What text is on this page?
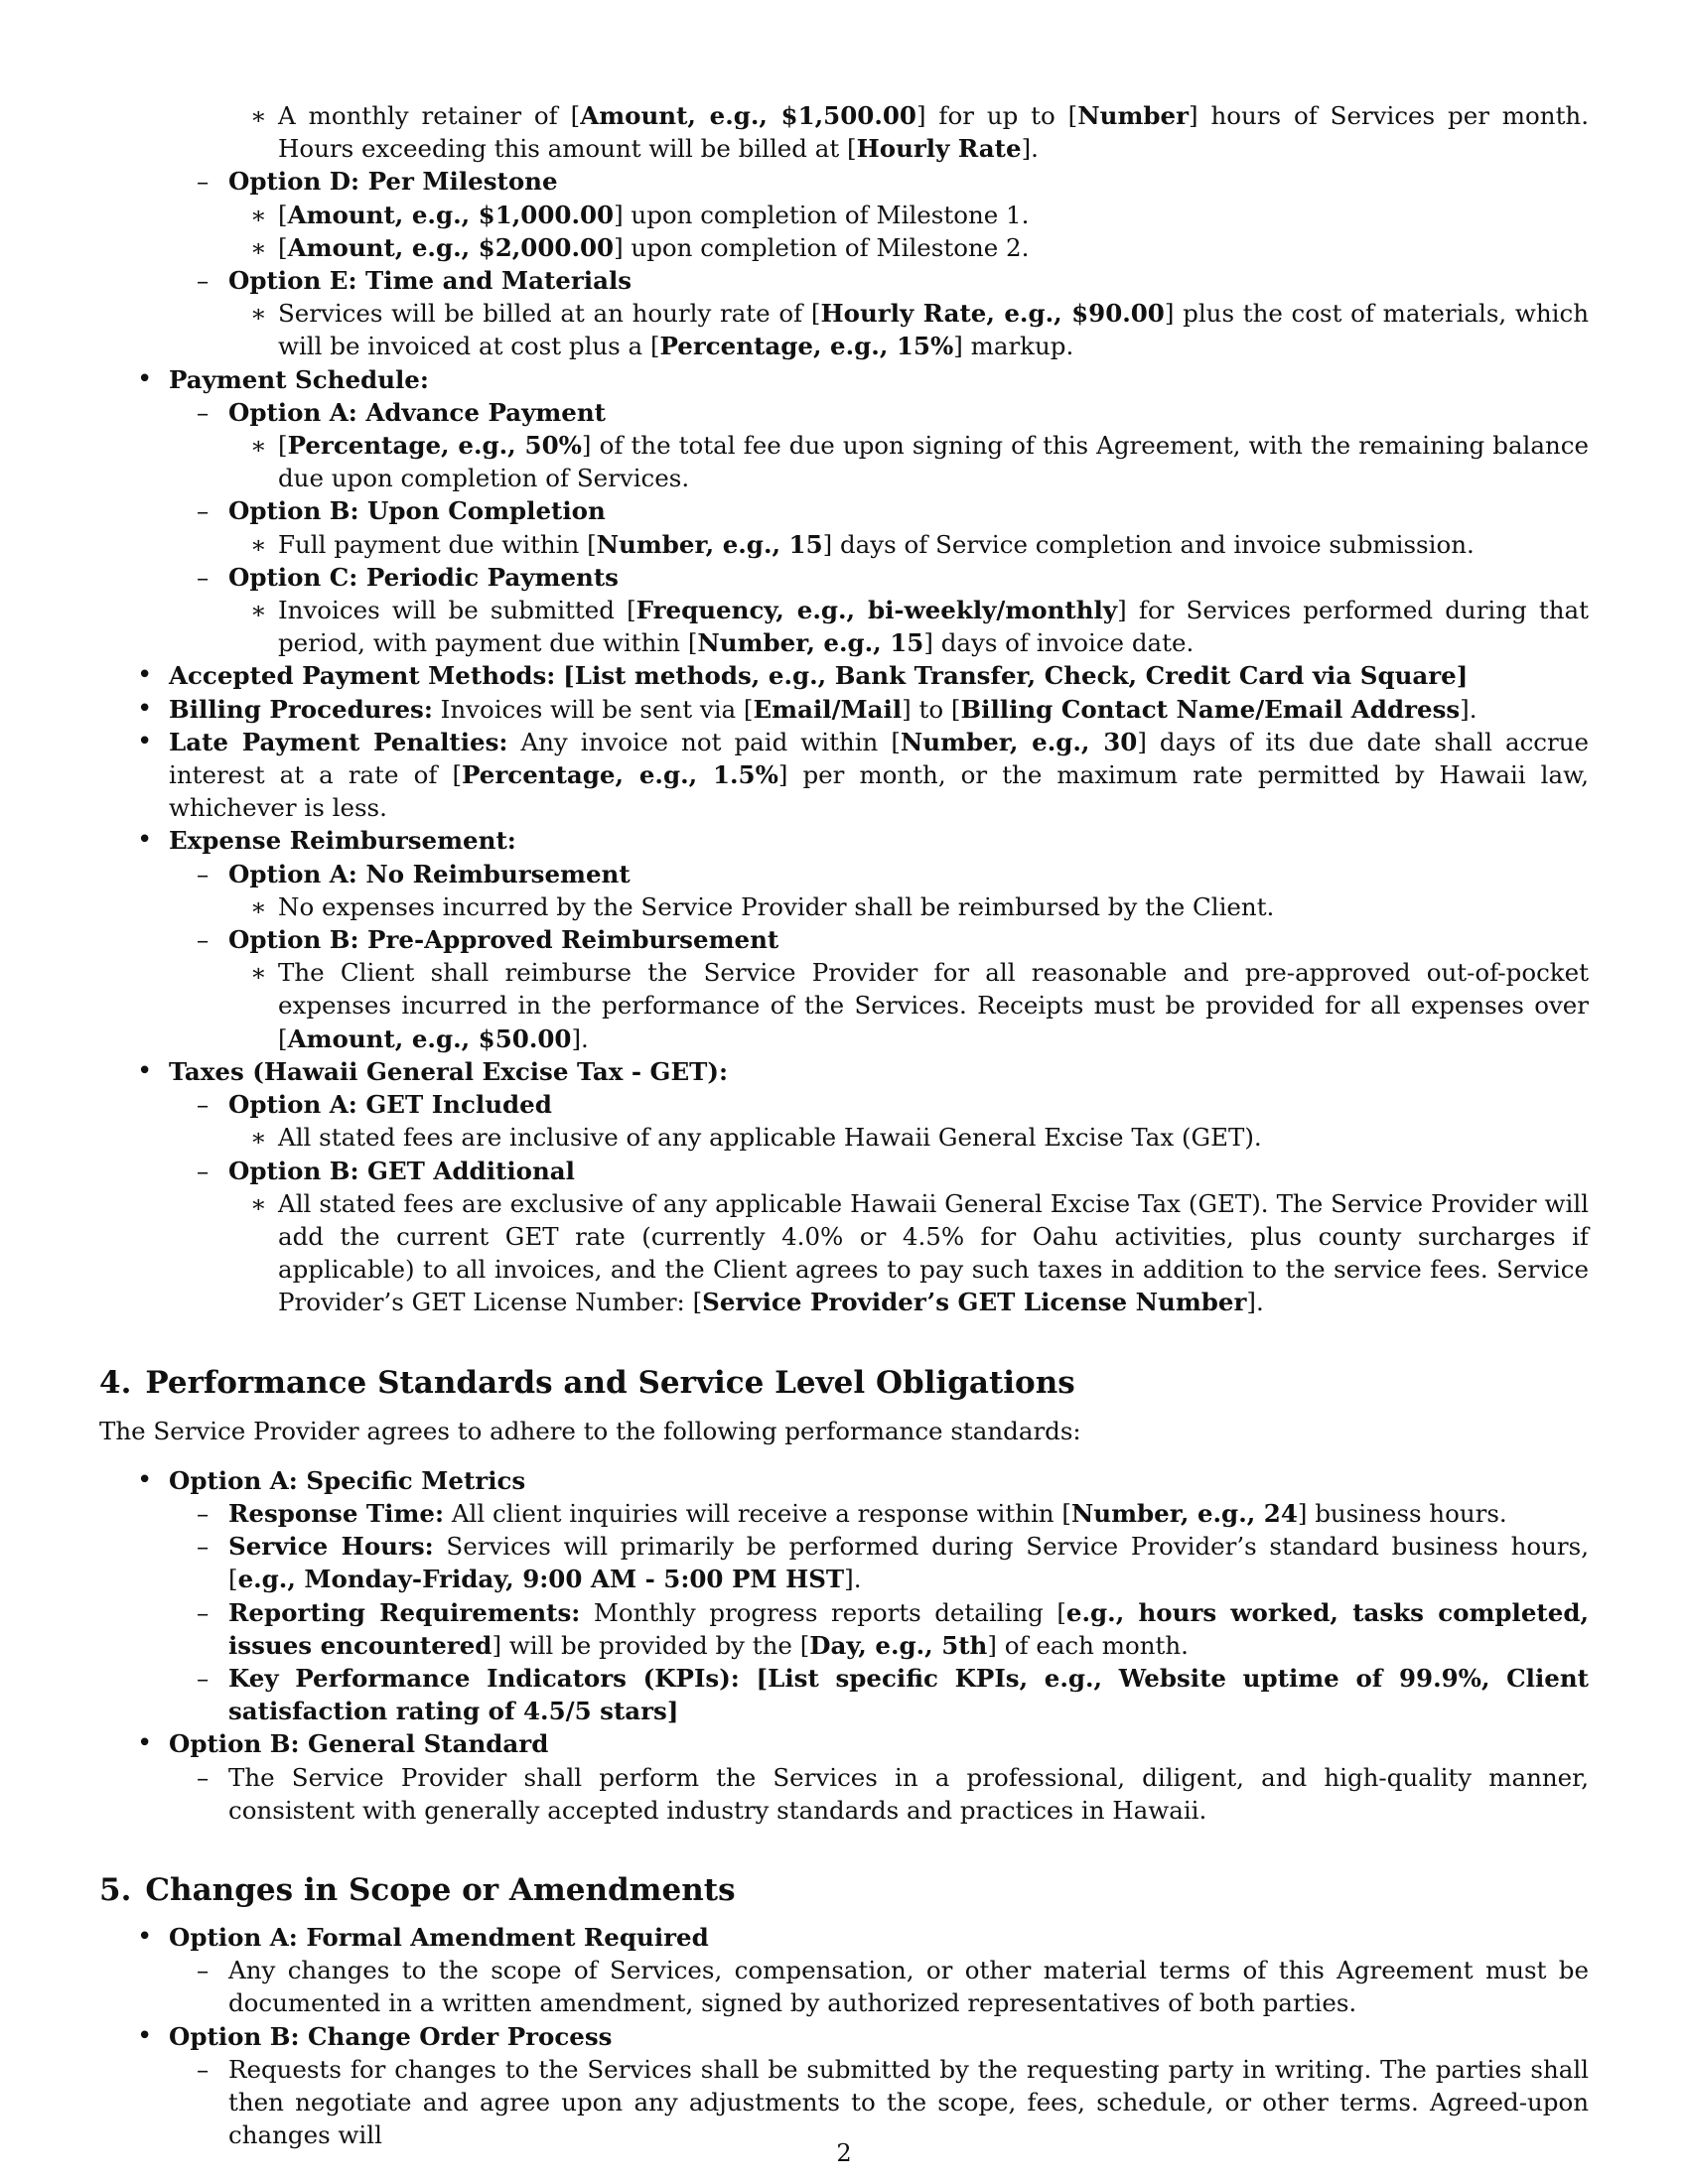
∗ A monthly retainer of [Amount, e.g., $1,500.00] for up to [Number] hours of Services per month. Hours exceeding this amount will be billed at [Hourly Rate].
– Option D: Per Milestone
∗ [Amount, e.g., $1,000.00] upon completion of Milestone 1.
∗ [Amount, e.g., $2,000.00] upon completion of Milestone 2.
– Option E: Time and Materials
∗ Services will be billed at an hourly rate of [Hourly Rate, e.g., $90.00] plus the cost of materials, which will be invoiced at cost plus a [Percentage, e.g., 15%] markup.
• Payment Schedule:
– Option A: Advance Payment
∗ [Percentage, e.g., 50%] of the total fee due upon signing of this Agreement, with the remaining balance due upon completion of Services.
– Option B: Upon Completion
∗ Full payment due within [Number, e.g., 15] days of Service completion and invoice submission.
– Option C: Periodic Payments
∗ Invoices will be submitted [Frequency, e.g., bi-weekly/monthly] for Services performed during that period, with payment due within [Number, e.g., 15] days of invoice date.
• Accepted Payment Methods: [List methods, e.g., Bank Transfer, Check, Credit Card via Square]
• Billing Procedures: Invoices will be sent via [Email/Mail] to [Billing Contact Name/Email Address].
• Late Payment Penalties: Any invoice not paid within [Number, e.g., 30] days of its due date shall accrue interest at a rate of [Percentage, e.g., 1.5%] per month, or the maximum rate permitted by Hawaii law, whichever is less.
• Expense Reimbursement:
– Option A: No Reimbursement
∗ No expenses incurred by the Service Provider shall be reimbursed by the Client.
– Option B: Pre-Approved Reimbursement
∗ The Client shall reimburse the Service Provider for all reasonable and pre-approved out-of-pocket expenses incurred in the performance of the Services. Receipts must be provided for all expenses over [Amount, e.g., $50.00].
• Taxes (Hawaii General Excise Tax - GET):
– Option A: GET Included
∗ All stated fees are inclusive of any applicable Hawaii General Excise Tax (GET).
– Option B: GET Additional
∗ All stated fees are exclusive of any applicable Hawaii General Excise Tax (GET). The Service Provider will add the current GET rate (currently 4.0% or 4.5% for Oahu activities, plus county surcharges if applicable) to all invoices, and the Client agrees to pay such taxes in addition to the service fees. Service Provider’s GET License Number: [Service Provider’s GET License Number].
4. Performance Standards and Service Level Obligations

The Service Provider agrees to adhere to the following performance standards:

• Option A: Specific Metrics
– Response Time: All client inquiries will receive a response within [Number, e.g., 24] business hours.
– Service Hours: Services will primarily be performed during Service Provider’s standard business hours, [e.g., Monday-Friday, 9:00 AM - 5:00 PM HST].
– Reporting Requirements: Monthly progress reports detailing [e.g., hours worked, tasks completed, issues encountered] will be provided by the [Day, e.g., 5th] of each month.
– Key Performance Indicators (KPIs): [List specific KPIs, e.g., Website uptime of 99.9%, Client satisfaction rating of 4.5/5 stars]
• Option B: General Standard
– The Service Provider shall perform the Services in a professional, diligent, and high-quality manner, consistent with generally accepted industry standards and practices in Hawaii.
5. Changes in Scope or Amendments
• Option A: Formal Amendment Required
– Any changes to the scope of Services, compensation, or other material terms of this Agreement must be documented in a written amendment, signed by authorized representatives of both parties.
• Option B: Change Order Process
– Requests for changes to the Services shall be submitted by the requesting party in writing. The parties shall then negotiate and agree upon any adjustments to the scope, fees, schedule, or other terms. Agreed-upon changes will
2
